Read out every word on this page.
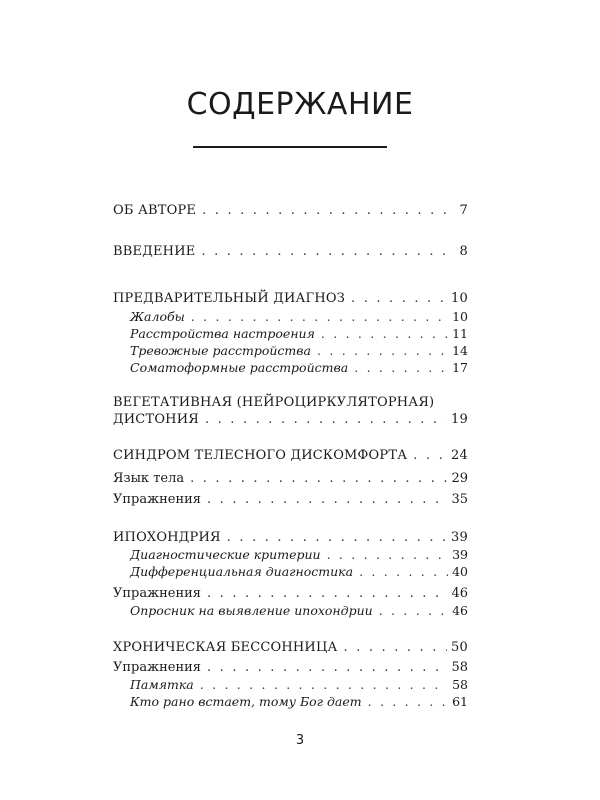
СОДЕРЖАНИЕ
ОБ АВТОРЕ . . .	7
ВВЕДЕНИЕ . . .	8
ПРЕДВАРИТЕЛЬНЫЙ ДИАГНОЗ . . .	10
Жалобы . . .	10
Расстройства настроения . . .	11
Тревожные расстройства . . .	14
Соматоформные расстройства . . .	17
ВЕГЕТАТИВНАЯ (НЕЙРОЦИРКУЛЯТОРНАЯ)
ДИСТОНИЯ . . .	19
СИНДРОМ ТЕЛЕСНОГО ДИСКОМФОРТА . . .	24
Язык тела . . .	29
Упражнения . . .	35
ИПОХОНДРИЯ . . .	39
Диагностические критерии . . .	39
Дифференциальная диагностика . . .	40
Упражнения . . .	46
Опросник на выявление ипохондрии . . .	46
ХРОНИЧЕСКАЯ БЕССОННИЦА . . .	50
Упражнения . . .	58
Памятка . . .	58
Кто рано встает, тому Бог дает . . .	61
3
